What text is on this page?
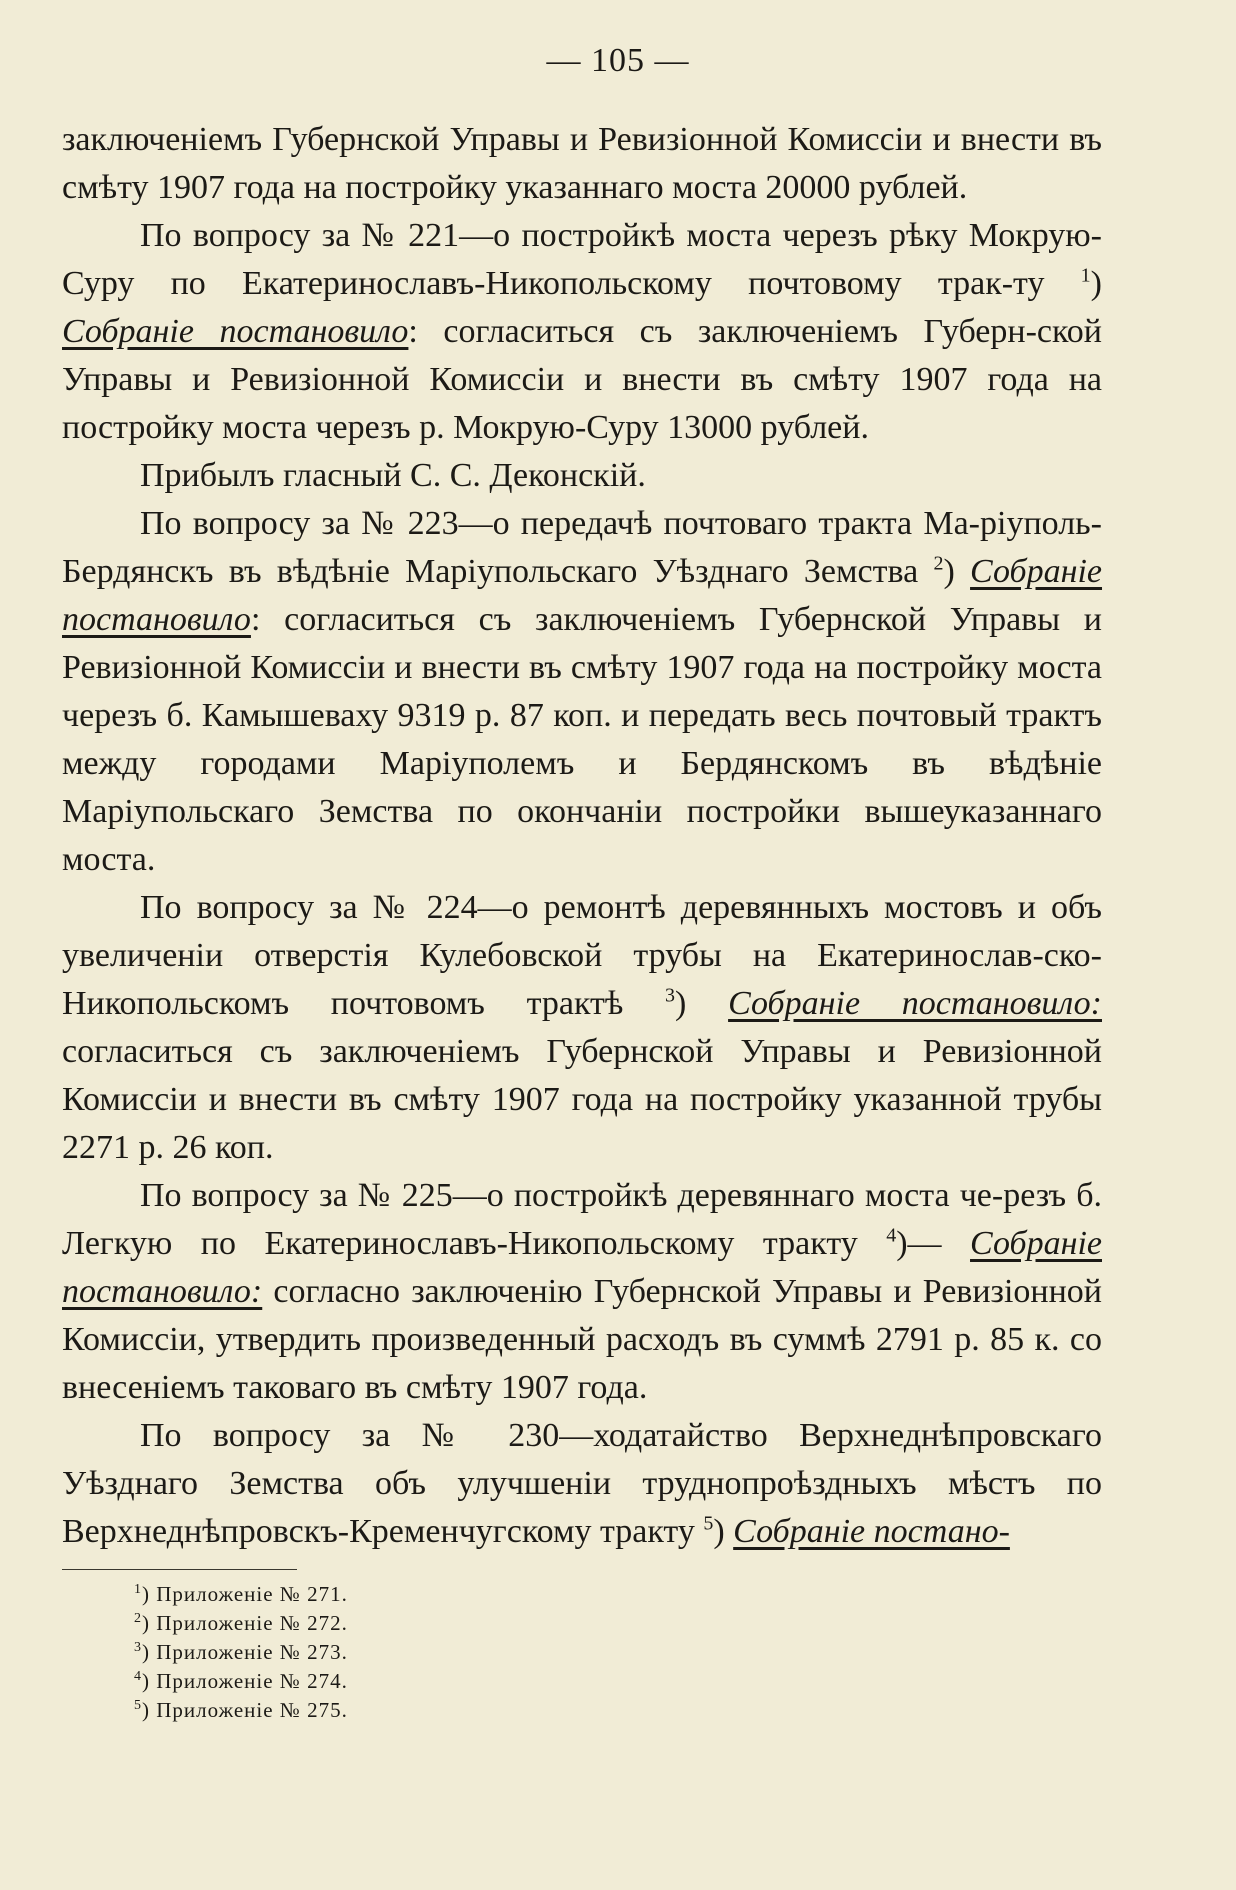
— 105 —

заключеніемъ Губернской Управы и Ревизіонной Комиссіи и внести въ смѣту 1907 года на постройку указаннаго моста 20000 рублей.

По вопросу за № 221—о постройкѣ моста черезъ рѣку Мокрую-Суру по Екатеринославъ-Никопольскому почтовому трак-ту $^1$) Собраніе постановило: согласиться съ заключеніемъ Губерн-ской Управы и Ревизіонной Комиссіи и внести въ смѣту 1907 года на постройку моста черезъ р. Мокрую-Суру 13000 рублей.

Прибылъ гласный С. С. Деконскій.

По вопросу за № 223—о передачѣ почтоваго тракта Ма-ріуполь-Бердянскъ въ вѣдѣніе Маріупольскаго Уѣзднаго Земства $^2$) Собраніе постановило: согласиться съ заключеніемъ Губернской Управы и Ревизіонной Комиссіи и внести въ смѣту 1907 года на постройку моста черезъ б. Камышеваху 9319 р. 87 коп. и передать весь почтовый трактъ между городами Маріуполемъ и Бердянскомъ въ вѣдѣніе Маріупольскаго Земства по окончаніи постройки вышеуказаннаго моста.

По вопросу за № 224—о ремонтѣ деревянныхъ мостовъ и объ увеличеніи отверстія Кулебовской трубы на Екатеринослав-ско-Никопольскомъ почтовомъ трактѣ $^3$) Собраніе постановило: согласиться съ заключеніемъ Губернской Управы и Ревизіонной Комиссіи и внести въ смѣту 1907 года на постройку указанной трубы 2271 р. 26 коп.

По вопросу за № 225—о постройкѣ деревяннаго моста че-резъ б. Легкую по Екатеринославъ-Никопольскому тракту $^4$)— Собраніе постановило: согласно заключенію Губернской Управы и Ревизіонной Комиссіи, утвердить произведенный расходъ въ суммѣ 2791 р. 85 к. со внесеніемъ таковаго въ смѣту 1907 года.

По вопросу за № 230—ходатайство Верхнеднѣпровскаго Уѣзднаго Земства объ улучшеніи труднопроѣздныхъ мѣстъ по Верхнеднѣпровскъ-Кременчугскому тракту $^5$) Собраніе постано-

$^1$) Приложеніе № 271.
$^2$) Приложеніе № 272.
$^3$) Приложеніе № 273.
$^4$) Приложеніе № 274.
$^5$) Приложеніе № 275.
